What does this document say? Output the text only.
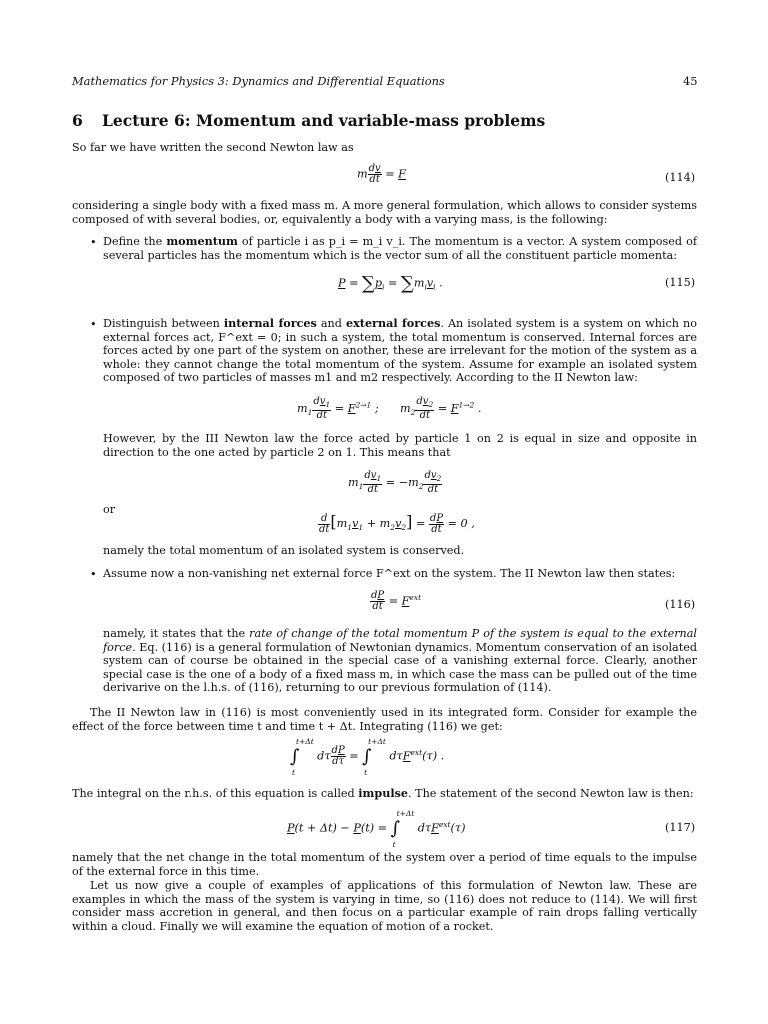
Mathematics for Physics 3: Dynamics and Differential Equations	45
6 Lecture 6: Momentum and variable-mass problems
So far we have written the second Newton law as
m $\frac{dv}{dt} = F$	(114)
considering a single body with a fixed mass m. A more general formulation, which allows to consider systems composed of with several bodies, or, equivalently a body with a varying mass, is the following:
• Define the momentum of particle i as p_i = m_i v_i. The momentum is a vector. A system composed of several particles has the momentum which is the vector sum of all the constituent particle momenta:
$P = \sum p_i = \sum m_iv_i$ .	(115)
• Distinguish between internal forces and external forces. An isolated system is a system on which no external forces act, F^ext = 0; in such a system, the total momentum is conserved. Internal forces are forces acted by one part of the system on another, these are irrelevant for the motion of the system as a whole: they cannot change the total momentum of the system. Assume for example an isolated system composed of two particles of masses m1 and m2 respectively. According to the II Newton law:
$m_1 \frac{dv_1}{dt} = F^{2\to 1}$ ;      $m_2 \frac{dv_2}{dt} = F^{1\to 2}$ .
However, by the III Newton law the force acted by particle 1 on 2 is equal in size and opposite in direction to the one acted by particle 2 on 1. This means that
$m_1 \frac{dv_1}{dt} = -m_2 \frac{dv_2}{dt}$
or
$\frac{d}{dt} [m_1v_1 + m_2v_2] = \frac{dP}{dt} = 0$ ,
namely the total momentum of an isolated system is conserved.
• Assume now a non-vanishing net external force F^ext on the system. The II Newton law then states:
$\frac{dP}{dt} = F^{ext}$
(116)
namely, it states that the rate of change of the total momentum P of the system is equal to the external force. Eq. (116) is a general formulation of Newtonian dynamics. Momentum conservation of an isolated system can of course be obtained in the special case of a vanishing external force. Clearly, another special case is the one of a body of a fixed mass m, in which case the mass can be pulled out of the time derivarive on the l.h.s. of (116), returning to our previous formulation of (114).
The II Newton law in (116) is most conveniently used in its integrated form. Consider for example the effect of the force between time t and time t + Δt. Integrating (116) we get:
∫
t+Δt
t
dτ $\frac{dP}{d\tau}$ = ∫
t+Δt
t
dτF$^{ext}$(τ) .
The integral on the r.h.s. of this equation is called impulse. The statement of the second Newton law is then:
P(t + Δt) − P(t) = ∫
t+Δt
t
dτF$^{ext}$(τ)	(117)
namely that the net change in the total momentum of the system over a period of time equals to the impulse of the external force in this time.
Let us now give a couple of examples of applications of this formulation of Newton law. These are examples in which the mass of the system is varying in time, so (116) does not reduce to (114). We will first consider mass accretion in general, and then focus on a particular example of rain drops falling vertically within a cloud. Finally we will examine the equation of motion of a rocket.
